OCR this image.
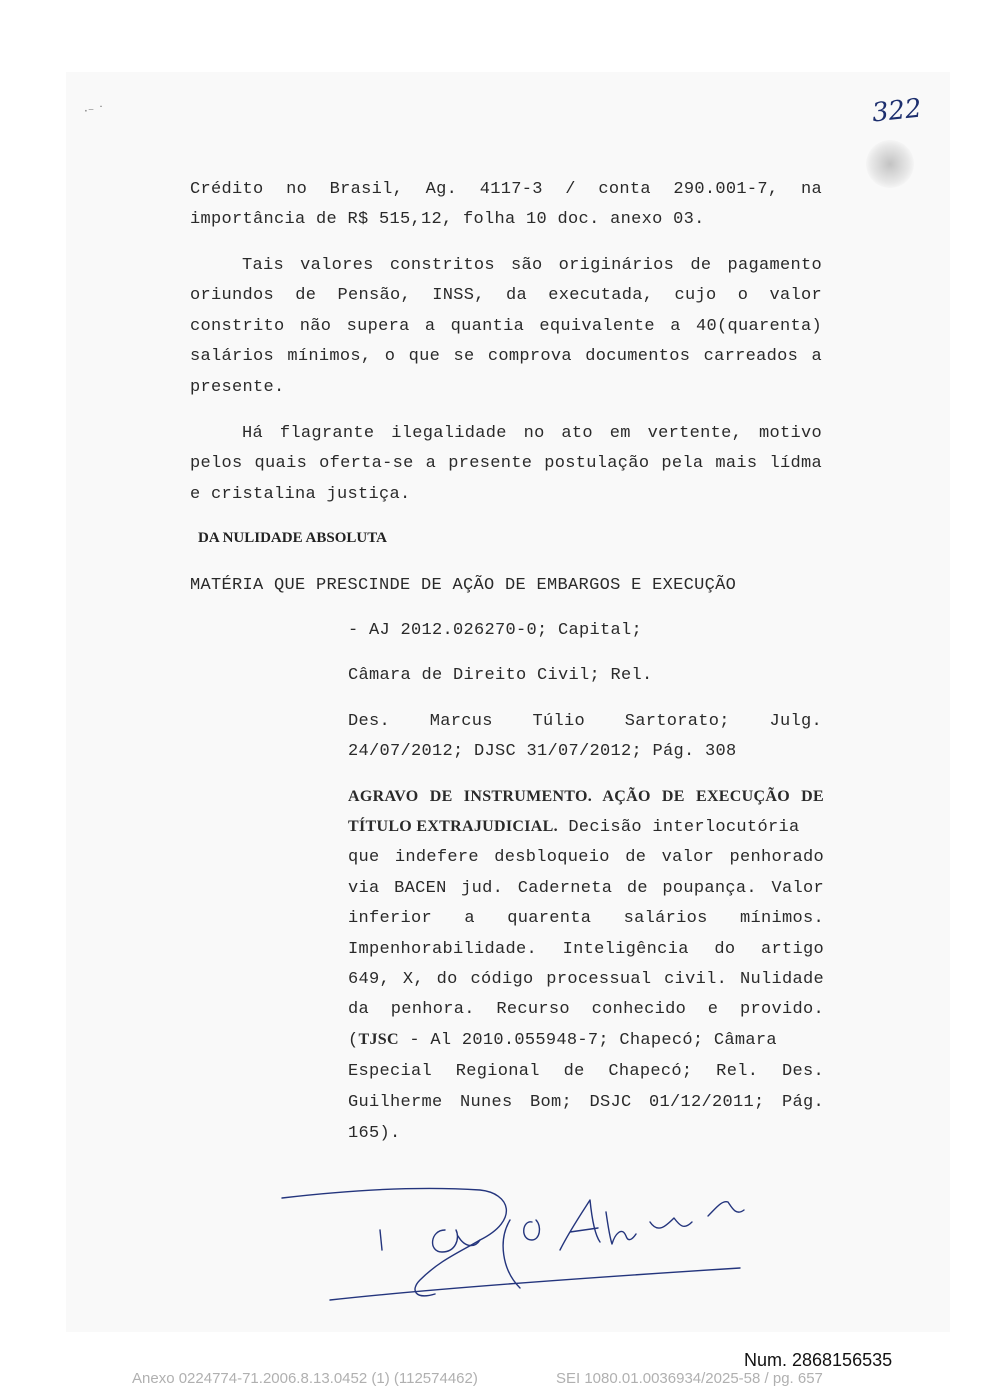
·⁻ ˙	322
Crédito no Brasil, Ag. 4117-3 / conta 290.001-7, na
importância de R$ 515,12, folha 10 doc. anexo 03.
Tais valores constritos são originários de pagamento
oriundos de Pensão, INSS, da executada, cujo o valor
constrito não supera a quantia equivalente a 40(quarenta)
salários mínimos, o que se comprova documentos carreados a
presente.
Há flagrante ilegalidade no ato em vertente, motivo
pelos quais oferta-se a presente postulação pela mais lídma
e cristalina justiça.
DA NULIDADE ABSOLUTA
MATÉRIA QUE PRESCINDE DE AÇÃO DE EMBARGOS E EXECUÇÃO
- AJ 2012.026270-0; Capital;
Câmara de Direito Civil; Rel.
Des. Marcus Túlio Sartorato; Julg.
24/07/2012; DJSC 31/07/2012; Pág. 308
AGRAVO DE INSTRUMENTO. AÇÃO DE EXECUÇÃO DE
TÍTULO EXTRAJUDICIAL. Decisão interlocutória
que indefere desbloqueio de valor penhorado
via BACEN jud. Caderneta de poupança. Valor
inferior a quarenta salários mínimos.
Impenhorabilidade. Inteligência do artigo
649, X, do código processual civil. Nulidade
da penhora. Recurso conhecido e provido.
(TJSC - Al 2010.055948-7; Chapecó; Câmara
Especial Regional de Chapecó; Rel. Des.
Guilherme Nunes Bom; DSJC 01/12/2011; Pág.
165).
Num. 2868156535
Anexo 0224774-71.2006.8.13.0452 (1) (112574462)	SEI 1080.01.0036934/2025-58 / pg. 657
